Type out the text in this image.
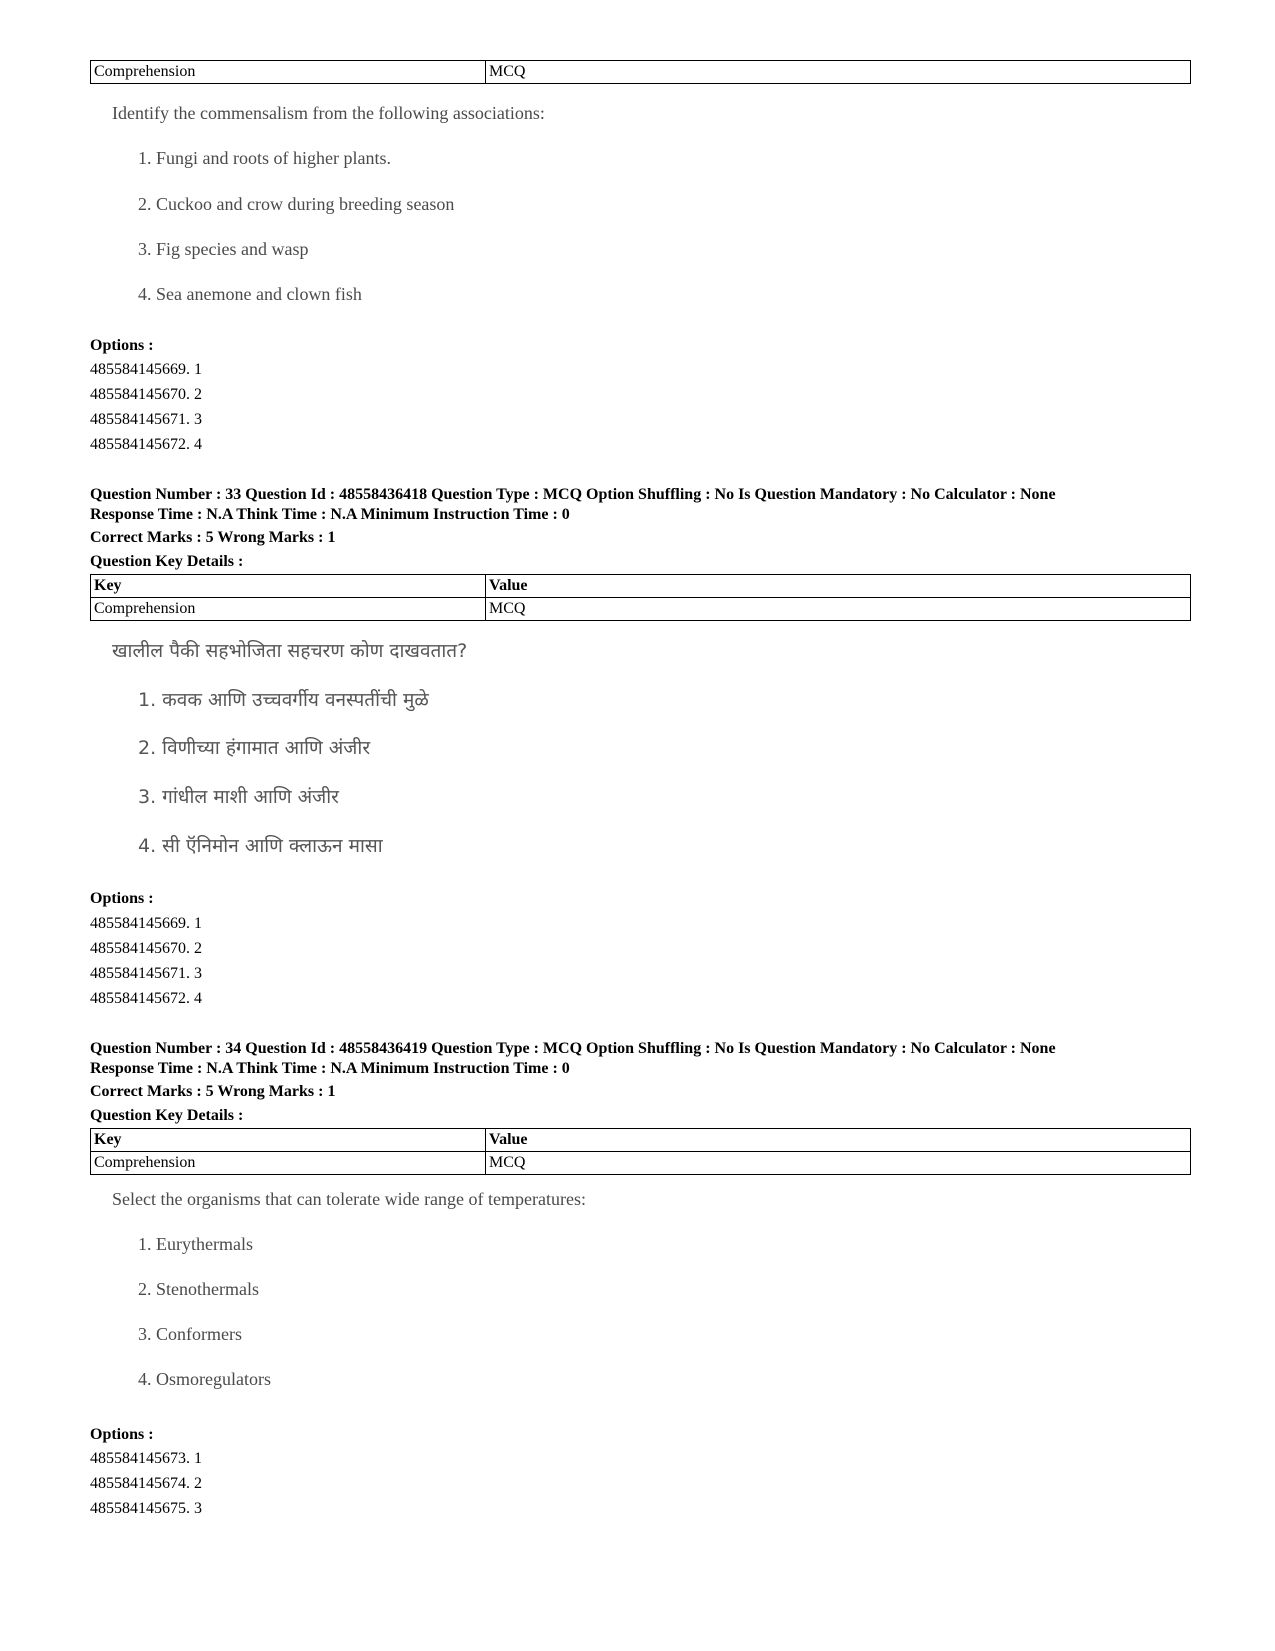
Comprehension	MCQ
Identify the commensalism from the following associations:
1. Fungi and roots of higher plants.
2. Cuckoo and crow during breeding season
3. Fig species and wasp
4. Sea anemone and clown fish
Options :
485584145669. 1
485584145670. 2
485584145671. 3
485584145672. 4
Question Number : 33 Question Id : 48558436418 Question Type : MCQ Option Shuffling : No Is Question Mandatory : No Calculator : None
Response Time : N.A Think Time : N.A Minimum Instruction Time : 0
Correct Marks : 5 Wrong Marks : 1
Question Key Details :
Key	Value
Comprehension	MCQ
खालील पैकी सहभोजिता सहचरण कोण दाखवतात?
1. कवक आणि उच्चवर्गीय वनस्पतींची मुळे
2. विणीच्या हंगामात आणि अंजीर
3. गांधील माशी आणि अंजीर
4. सी ऍनिमोन आणि क्लाऊन मासा
Options :
485584145669. 1
485584145670. 2
485584145671. 3
485584145672. 4
Question Number : 34 Question Id : 48558436419 Question Type : MCQ Option Shuffling : No Is Question Mandatory : No Calculator : None
Response Time : N.A Think Time : N.A Minimum Instruction Time : 0
Correct Marks : 5 Wrong Marks : 1
Question Key Details :
Key	Value
Comprehension	MCQ
Select the organisms that can tolerate wide range of temperatures:
1. Eurythermals
2. Stenothermals
3. Conformers
4. Osmoregulators
Options :
485584145673. 1
485584145674. 2
485584145675. 3
